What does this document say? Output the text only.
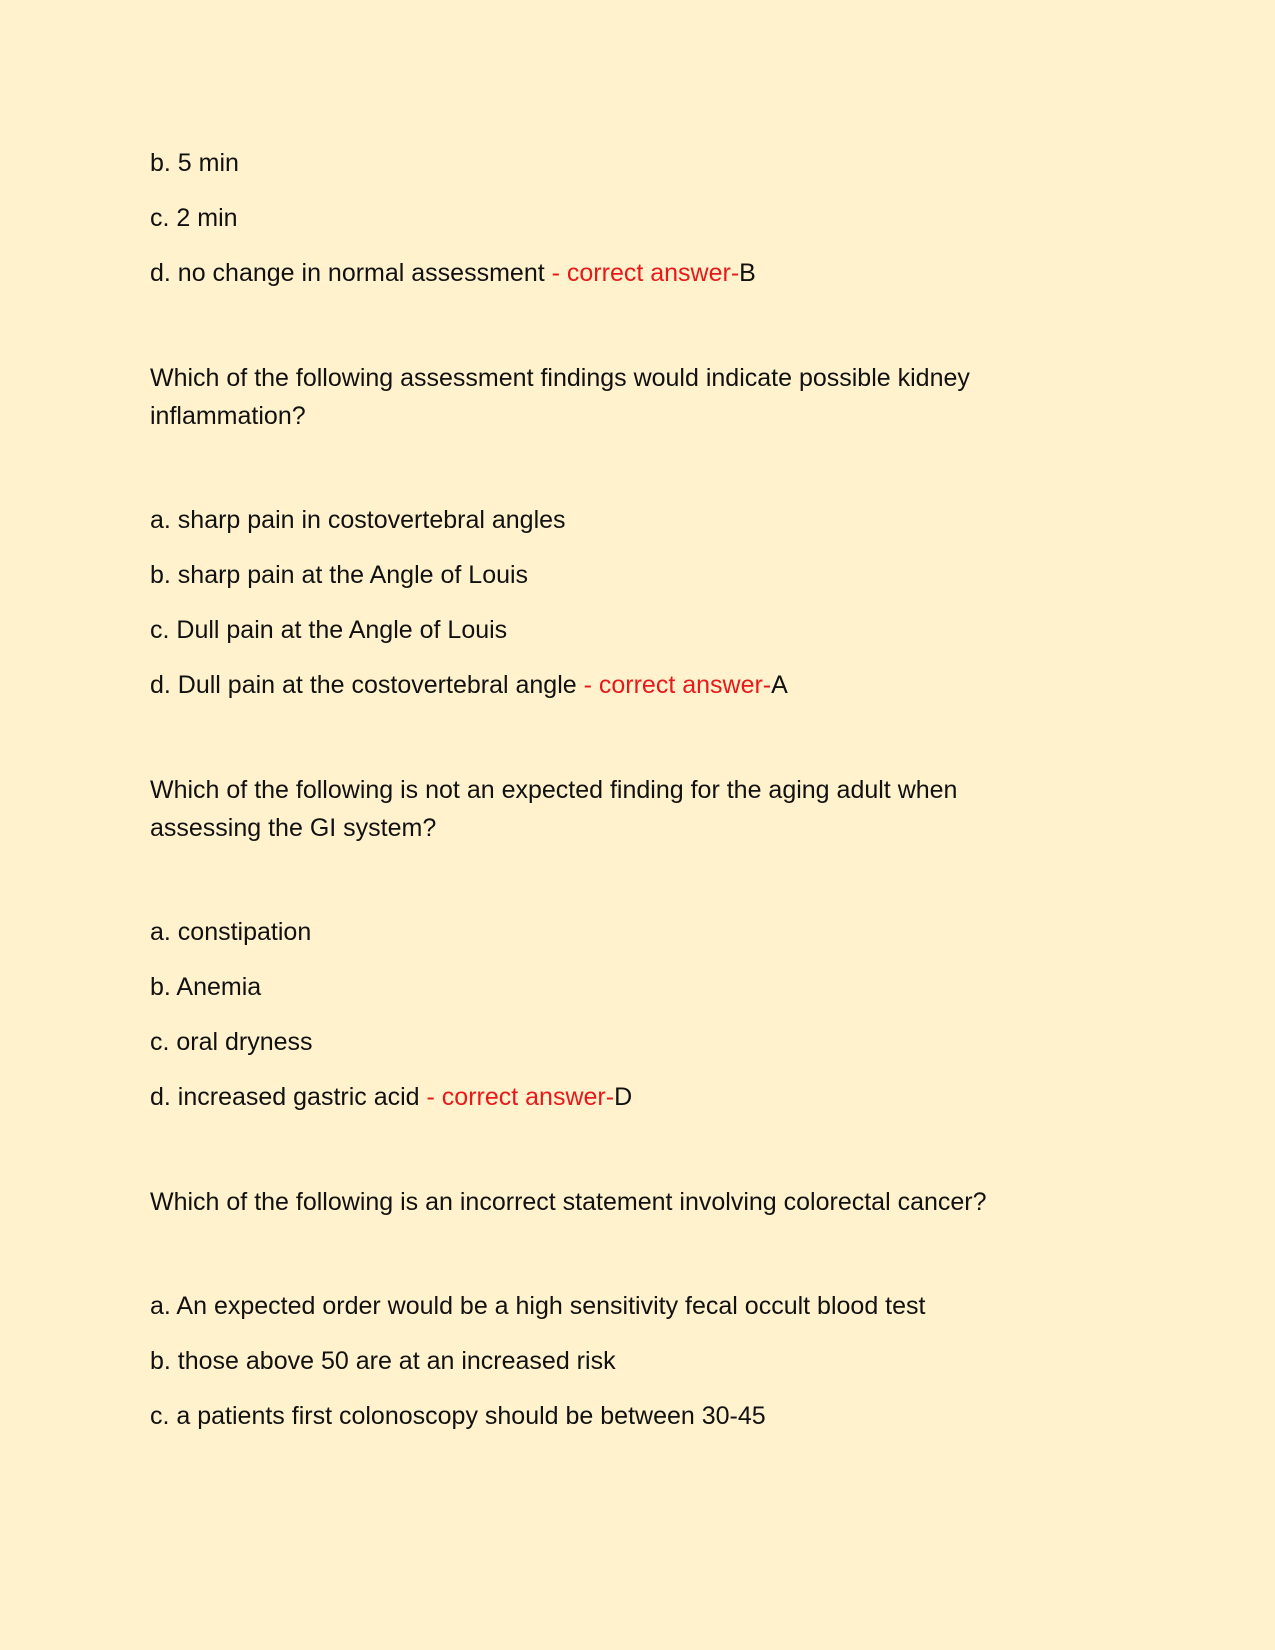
b. 5 min
c. 2 min
d. no change in normal assessment - correct answer-B
Which of the following assessment findings would indicate possible kidney
inflammation?
a. sharp pain in costovertebral angles
b. sharp pain at the Angle of Louis
c. Dull pain at the Angle of Louis
d. Dull pain at the costovertebral angle - correct answer-A
Which of the following is not an expected finding for the aging adult when
assessing the GI system?
a. constipation
b. Anemia
c. oral dryness
d. increased gastric acid - correct answer-D
Which of the following is an incorrect statement involving colorectal cancer?
a. An expected order would be a high sensitivity fecal occult blood test
b. those above 50 are at an increased risk
c. a patients first colonoscopy should be between 30-45
